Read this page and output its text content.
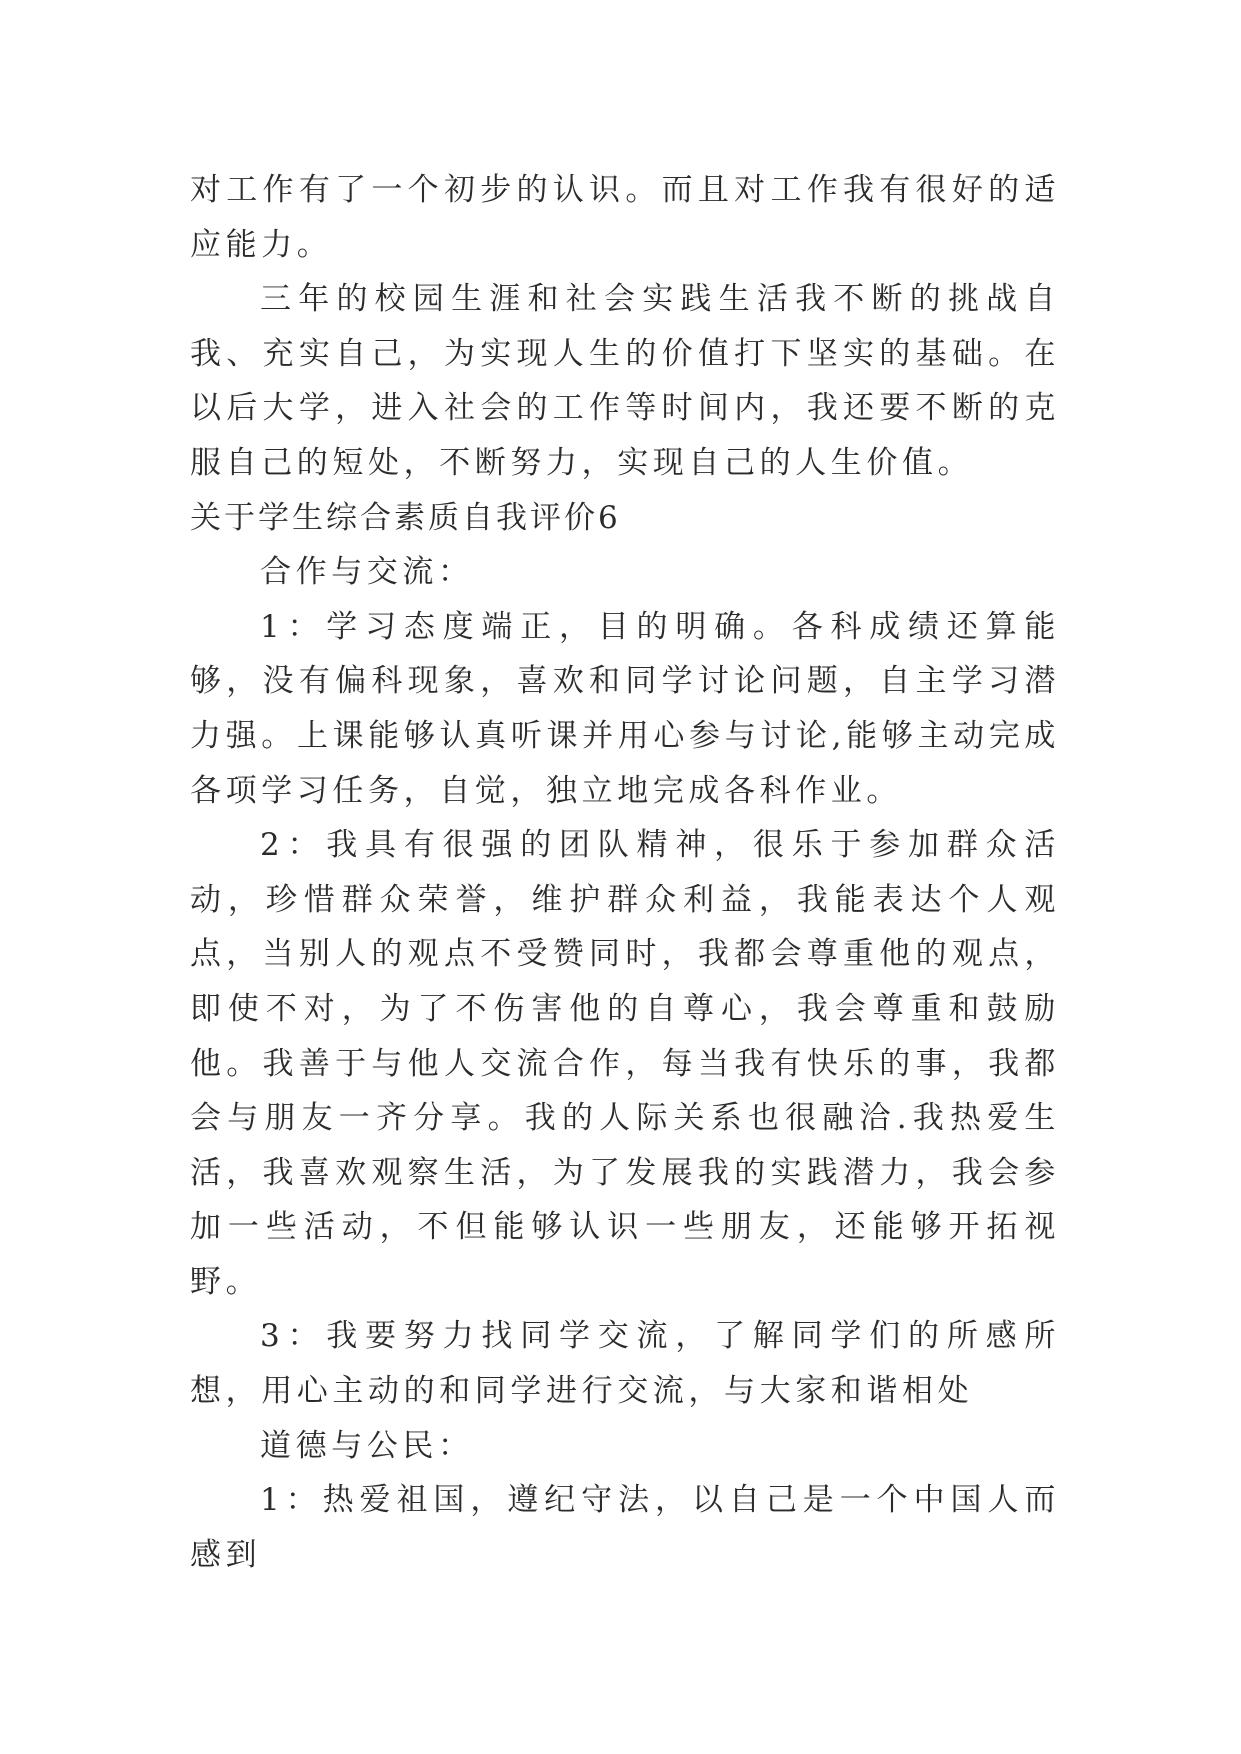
对工作有了一个初步的认识。而且对工作我有很好的适应能力。

三年的校园生涯和社会实践生活我不断的挑战自我、充实自己，为实现人生的价值打下坚实的基础。在以后大学，进入社会的工作等时间内，我还要不断的克服自己的短处，不断努力，实现自己的人生价值。

关于学生综合素质自我评价6

合作与交流：

1：学习态度端正，目的明确。各科成绩还算能够，没有偏科现象，喜欢和同学讨论问题，自主学习潜力强。上课能够认真听课并用心参与讨论,能够主动完成各项学习任务，自觉，独立地完成各科作业。

2：我具有很强的团队精神，很乐于参加群众活动，珍惜群众荣誉，维护群众利益，我能表达个人观点，当别人的观点不受赞同时，我都会尊重他的观点，即使不对，为了不伤害他的自尊心，我会尊重和鼓励他。我善于与他人交流合作，每当我有快乐的事，我都会与朋友一齐分享。我的人际关系也很融洽.我热爱生活，我喜欢观察生活，为了发展我的实践潜力，我会参加一些活动，不但能够认识一些朋友，还能够开拓视野。

3：我要努力找同学交流，了解同学们的所感所想，用心主动的和同学进行交流，与大家和谐相处

道德与公民：

1：热爱祖国，遵纪守法，以自己是一个中国人而感到
